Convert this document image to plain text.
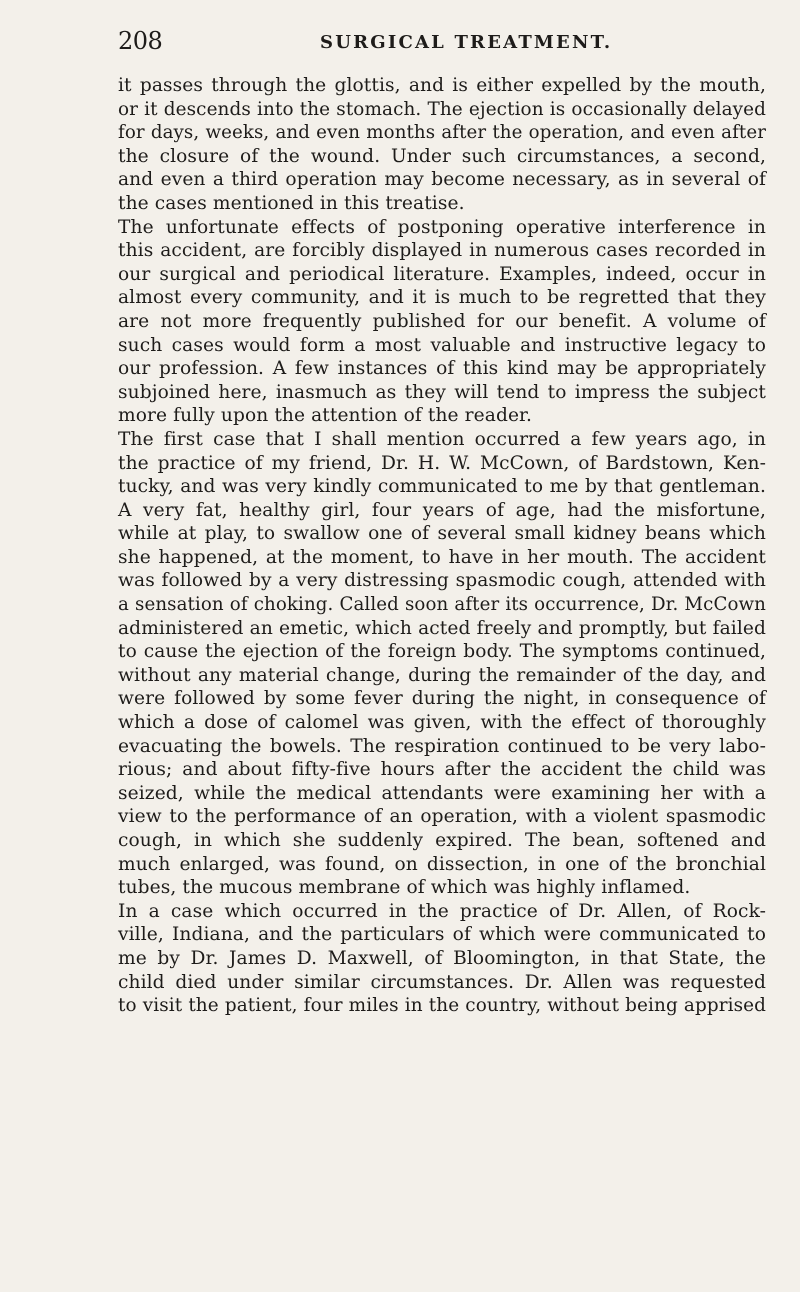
208	SURGICAL TREATMENT.
it passes through the glottis, and is either expelled by the mouth,
or it descends into the stomach. The ejection is occasionally delayed
for days, weeks, and even months after the operation, and even after
the closure of the wound. Under such circumstances, a second,
and even a third operation may become necessary, as in several of
the cases mentioned in this treatise.
The unfortunate effects of postponing operative interference in
this accident, are forcibly displayed in numerous cases recorded in
our surgical and periodical literature. Examples, indeed, occur in
almost every community, and it is much to be regretted that they
are not more frequently published for our benefit. A volume of
such cases would form a most valuable and instructive legacy to
our profession. A few instances of this kind may be appropriately
subjoined here, inasmuch as they will tend to impress the subject
more fully upon the attention of the reader.
The first case that I shall mention occurred a few years ago, in
the practice of my friend, Dr. H. W. McCown, of Bardstown, Ken-
tucky, and was very kindly communicated to me by that gentleman.
A very fat, healthy girl, four years of age, had the misfortune,
while at play, to swallow one of several small kidney beans which
she happened, at the moment, to have in her mouth. The accident
was followed by a very distressing spasmodic cough, attended with
a sensation of choking. Called soon after its occurrence, Dr. McCown
administered an emetic, which acted freely and promptly, but failed
to cause the ejection of the foreign body. The symptoms continued,
without any material change, during the remainder of the day, and
were followed by some fever during the night, in consequence of
which a dose of calomel was given, with the effect of thoroughly
evacuating the bowels. The respiration continued to be very labo-
rious; and about fifty-five hours after the accident the child was
seized, while the medical attendants were examining her with a
view to the performance of an operation, with a violent spasmodic
cough, in which she suddenly expired. The bean, softened and
much enlarged, was found, on dissection, in one of the bronchial
tubes, the mucous membrane of which was highly inflamed.
In a case which occurred in the practice of Dr. Allen, of Rock-
ville, Indiana, and the particulars of which were communicated to
me by Dr. James D. Maxwell, of Bloomington, in that State, the
child died under similar circumstances. Dr. Allen was requested
to visit the patient, four miles in the country, without being apprised
